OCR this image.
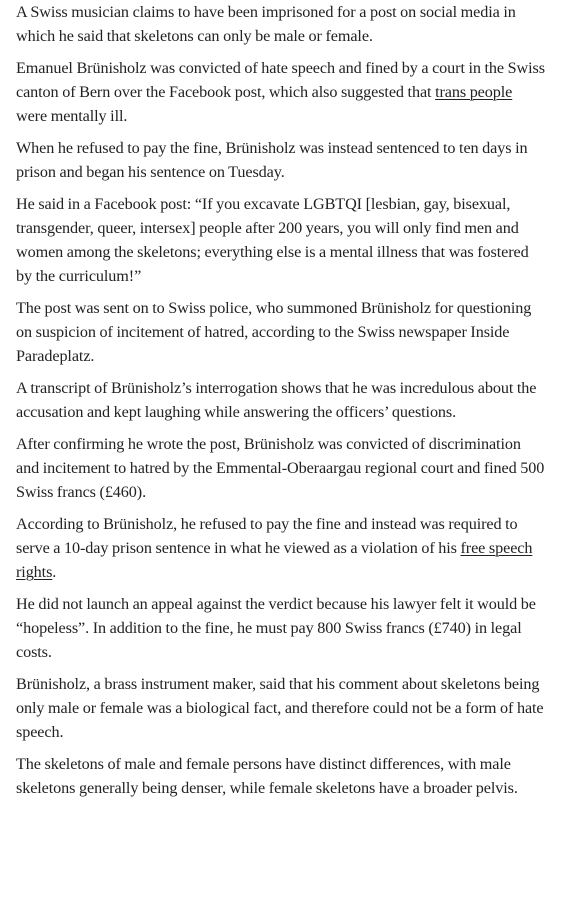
A Swiss musician claims to have been imprisoned for a post on social media in which he said that skeletons can only be male or female.

Emanuel Brünisholz was convicted of hate speech and fined by a court in the Swiss canton of Bern over the Facebook post, which also suggested that trans people were mentally ill.

When he refused to pay the fine, Brünisholz was instead sentenced to ten days in prison and began his sentence on Tuesday.

He said in a Facebook post: “If you excavate LGBTQI [lesbian, gay, bisexual, transgender, queer, intersex] people after 200 years, you will only find men and women among the skeletons; everything else is a mental illness that was fostered by the curriculum!”

The post was sent on to Swiss police, who summoned Brünisholz for questioning on suspicion of incitement of hatred, according to the Swiss newspaper Inside Paradeplatz.

A transcript of Brünisholz’s interrogation shows that he was incredulous about the accusation and kept laughing while answering the officers’ questions.

After confirming he wrote the post, Brünisholz was convicted of discrimination and incitement to hatred by the Emmental-Oberaargau regional court and fined 500 Swiss francs (£460).

According to Brünisholz, he refused to pay the fine and instead was required to serve a 10-day prison sentence in what he viewed as a violation of his free speech rights.

He did not launch an appeal against the verdict because his lawyer felt it would be “hopeless”. In addition to the fine, he must pay 800 Swiss francs (£740) in legal costs.

Brünisholz, a brass instrument maker, said that his comment about skeletons being only male or female was a biological fact, and therefore could not be a form of hate speech.

The skeletons of male and female persons have distinct differences, with male skeletons generally being denser, while female skeletons have a broader pelvis.
